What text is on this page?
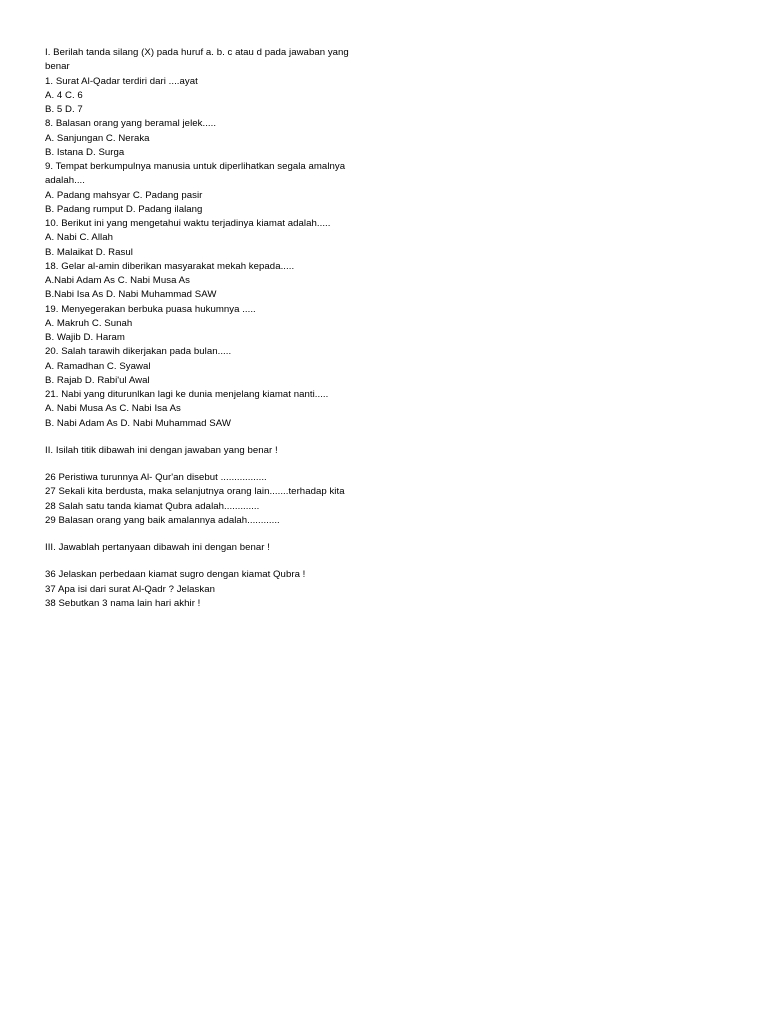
I. Berilah tanda silang (X) pada huruf a. b. c atau d pada jawaban yang
benar
1. Surat Al-Qadar terdiri dari ....ayat
A. 4 C. 6
B. 5 D. 7
8. Balasan orang yang beramal jelek.....
A. Sanjungan C. Neraka
B. Istana D. Surga
9. Tempat berkumpulnya manusia untuk diperlihatkan segala amalnya
adalah....
A. Padang mahsyar C. Padang pasir
B. Padang rumput D. Padang ilalang
10. Berikut ini yang mengetahui waktu terjadinya kiamat adalah.....
A. Nabi C. Allah
B. Malaikat D. Rasul
18. Gelar al-amin diberikan masyarakat mekah kepada.....
A.Nabi Adam As C. Nabi Musa As
B.Nabi Isa As D. Nabi Muhammad SAW
19. Menyegerakan berbuka puasa hukumnya .....
A. Makruh C. Sunah
B. Wajib D. Haram
20. Salah tarawih dikerjakan pada bulan.....
A. Ramadhan C. Syawal
B. Rajab D. Rabi'ul Awal
21. Nabi yang diturunlkan lagi ke dunia menjelang kiamat nanti.....
A. Nabi Musa As C. Nabi Isa As
B. Nabi Adam As D. Nabi Muhammad SAW
II. Isilah titik dibawah ini dengan jawaban yang benar !
26 Peristiwa turunnya Al- Qur'an disebut .................
27 Sekali kita berdusta, maka selanjutnya orang lain.......terhadap kita
28 Salah satu tanda kiamat Qubra adalah.............
29 Balasan orang yang baik amalannya adalah............
III. Jawablah pertanyaan dibawah ini dengan benar !
36 Jelaskan perbedaan kiamat sugro dengan kiamat Qubra !
37 Apa isi dari surat Al-Qadr ? Jelaskan
38 Sebutkan 3 nama lain hari akhir !
